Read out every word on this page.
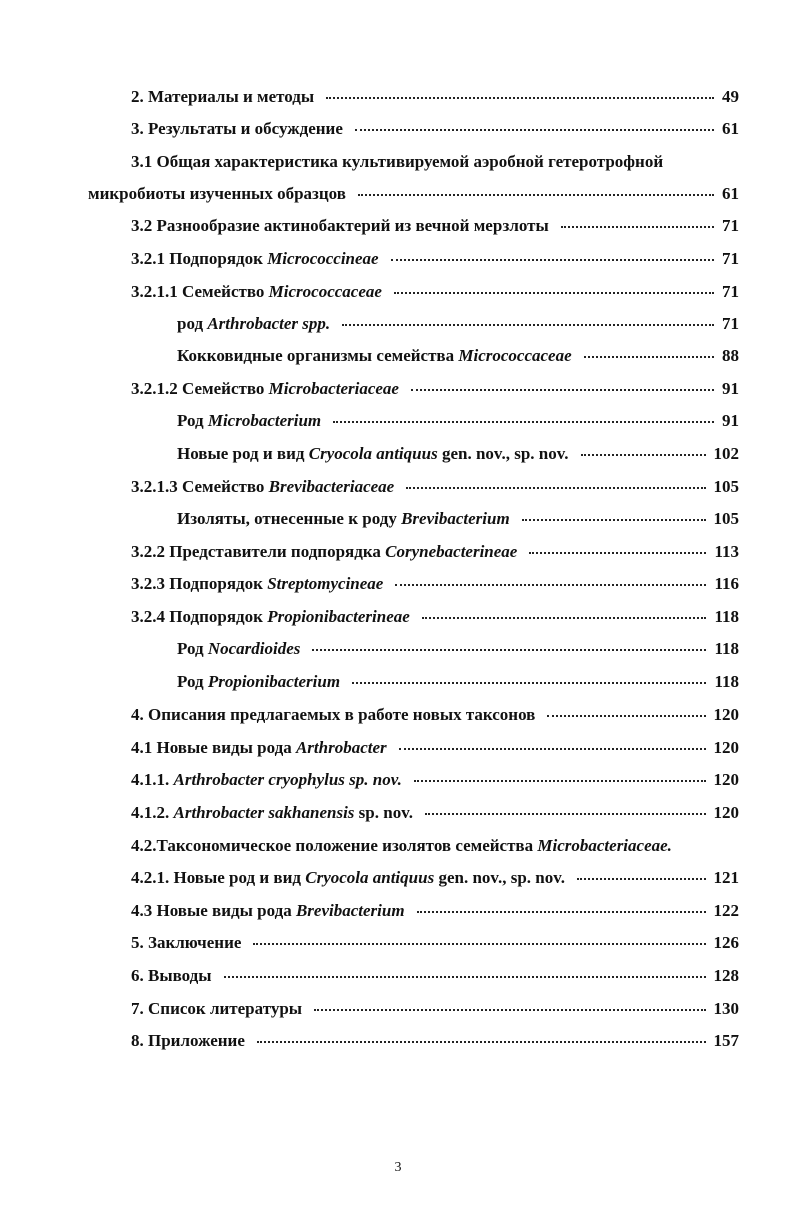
2. Материалы и методы	49
3. Результаты и обсуждение	61
3.1 Общая характеристика культивируемой аэробной гетеротрофной
микробиоты изученных образцов	61
3.2 Разнообразие актинобактерий из вечной мерзлоты	71
3.2.1 Подпорядок Micrococcineae	71
3.2.1.1 Семейство Micrococcaceae	71
род Arthrobacter spp.	71
Кокковидные организмы семейства Micrococcaceae	88
3.2.1.2 Семейство Microbacteriaceae	91
Род Microbacterium	91
Новые род и вид Cryocola antiquus gen. nov., sp. nov.	102
3.2.1.3 Семейство Brevibacteriaceae	105
Изоляты, отнесенные к роду Brevibacterium	105
3.2.2 Представители подпорядка Corynebacterineae	113
3.2.3 Подпорядок Streptomycineae	116
3.2.4 Подпорядок Propionibacterineae	118
Род Nocardioides	118
Род Propionibacterium	118
4. Описания предлагаемых в работе новых таксонов	120
4.1 Новые виды рода Arthrobacter	120
4.1.1. Arthrobacter cryophylus sp. nov.	120
4.1.2. Arthrobacter sakhanensis sp. nov.	120
4.2.Таксономическое положение изолятов семейства Microbacteriaceae.
4.2.1. Новые род и вид Cryocola antiquus gen. nov., sp. nov.	121
4.3 Новые виды рода Brevibacterium	122
5. Заключение	126
6. Выводы	128
7. Список литературы	130
8. Приложение	157
3
